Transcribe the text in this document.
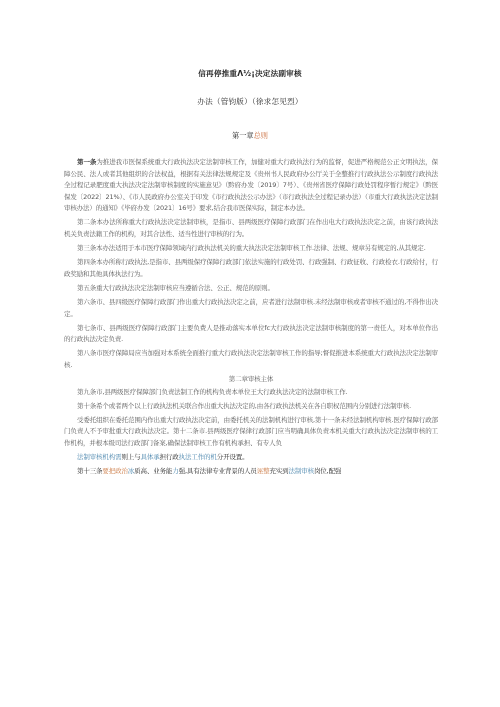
信再停推重Λ½¡决定法副审核
办法（管钧版）（徐求怎见烈）
第一章总则

第一条为推进我市医保系统重大行政执法决定法制审核工作，加健对重大行政执法行为的监督，促进严格规范公正文明执法，保障公民、法人或者其他组织的合法权益，根据有关法律法规规定及《贵州书人民政府办公厅关于全整推行行政执法公示制度行政执法全过程记录肥度重大执法决定法制审核制度的实施意见》（黔府办发〔2019〕7号）、《贵州省医疗保障行政处罚程序暂行规定》（黔医保发〔2022〕21%）、《市人民政府办公室关于印发《市行政执法公示办法》（市行政执法全过程记录办法）（市重大行政执法决定法制审核办法）的通知》《毕府办发〔2021〕16号》要求,结合我市医保实际，制定本办法。

第二条本办法所称重大行政执法决定法制审核，是指市、县两级医疗保障行政部门在作出电大行政执法决定之前，由该行政执法机关负责法籍工作的机构，对其合法性、适当性进行审核的行为。

第三条本办法适用于本市医疗保障领域内行政执法机关的重大执法决定法制审核工作.法律、法规、规章另有规定的,从其规定.

第四条本办所称行政执法,是指市、县两级保疗保障行政部门依法实施的行政处罚、行政强制、行政征收、行政检衣.行政给付，行政奖励和其他具体执法行为。

第五条重大行政执法决定法制审核应当遵循合法、公正、规范的原则。

第六条市、县四级医疗保障行政部门作出重大行政执法决定之前，应者进行法制审核.未经法制审核或者审核不通过的,不得作出决定。

第七条市、县两级医疗保障行政部门主要负费人是推动落实本单位fc大行政执法决定法制审核制度的第一责任人，对本单位作出的行政执法决定负责.

第八条市医疗保障局应当加强对本系统全面推行重大行政执法决定法制审核工作的指导;督促推进本系统重大行政执法决定法制审核.

第二章审核主体

第九条市,县两级医疗保障部门负责法制工作的机构负责本单位王大行政执法决定的法制审核工作.

第十条希个或者两个以上行政执法机关联合作出重大执法决定的,由各行政执法机关在各自职权范围内分别进行法制审核.

受委托组织在委托范围内作出重大行政执法决定前，由委托机关的法制机构进行审核,第十一条未经法制机构审核.医疗保障行政部门负责人不予审批重大行政执法决定。第十二条市.县两级医疗保律行政部门应当明确具体负责本机关重大行政执法决定法制审核的工作机构，并根本级司法行政部门备案,确保法制审核工作有机构承担、有专人负

法制审核机构需则上与具体承担行政执法工作的机分开设置。

第十三条要把政治冰质高、业务能力强,具有法律专业背景的人员诬整充实到法制审核岗位,配强
